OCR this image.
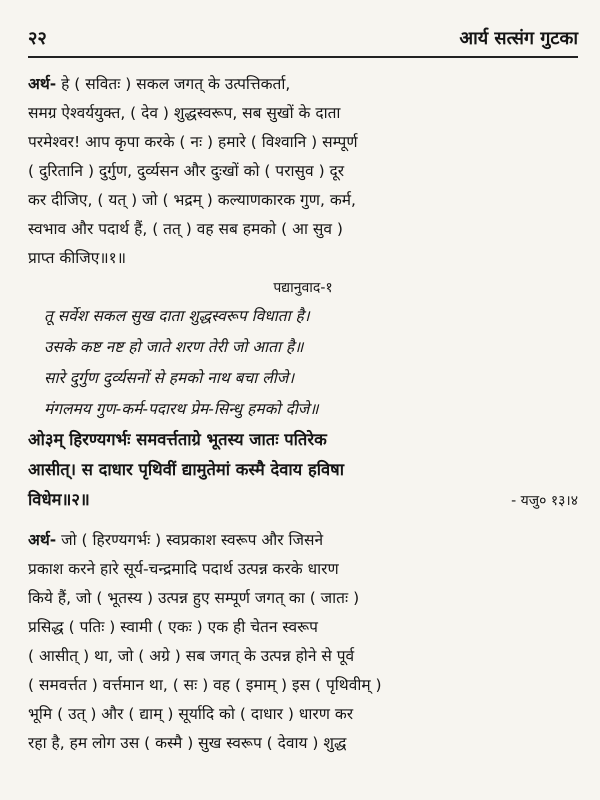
२२	आर्य सत्संग गुटका

अर्थ- हे ( सवितः ) सकल जगत् के उत्पत्तिकर्ता,

समग्र ऐश्वर्ययुक्त, ( देव ) शुद्धस्वरूप, सब सुखों के दाता

परमेश्वर! आप कृपा करके ( नः ) हमारे ( विश्वानि ) सम्पूर्ण

( दुरितानि ) दुर्गुण, दुर्व्यसन और दुःखों को ( परासुव ) दूर

कर दीजिए, ( यत् ) जो ( भद्रम् ) कल्याणकारक गुण, कर्म,

स्वभाव और पदार्थ हैं, ( तत् ) वह सब हमको ( आ सुव )

प्राप्त कीजिए॥१॥

पद्यानुवाद-१

तू सर्वेश सकल सुख दाता शुद्धस्वरूप विधाता है।

उसके कष्ट नष्ट हो जाते शरण तेरी जो आता है॥

सारे दुर्गुण दुर्व्यसनों से हमको नाथ बचा लीजे।

मंगलमय गुण-कर्म-पदारथ प्रेम-सिन्धु हमको दीजे॥

ओ३म् हिरण्यगर्भः समवर्त्तताग्रे भूतस्य जातः पतिरेक

आसीत्। स दाधार पृथिवीं द्यामुतेमां कस्मै देवाय हविषा

विधेम॥२॥	- यजु० १३।४

अर्थ- जो ( हिरण्यगर्भः ) स्वप्रकाश स्वरूप और जिसने

प्रकाश करने हारे सूर्य-चन्द्रमादि पदार्थ उत्पन्न करके धारण

किये हैं, जो ( भूतस्य ) उत्पन्न हुए सम्पूर्ण जगत् का ( जातः )

प्रसिद्ध ( पतिः ) स्वामी ( एकः ) एक ही चेतन स्वरूप

( आसीत् ) था, जो ( अग्रे ) सब जगत् के उत्पन्न होने से पूर्व

( समवर्त्तत ) वर्त्तमान था, ( सः ) वह ( इमाम् ) इस ( पृथिवीम् )

भूमि ( उत् ) और ( द्याम् ) सूर्यादि को ( दाधार ) धारण कर

रहा है, हम लोग उस ( कस्मै ) सुख स्वरूप ( देवाय ) शुद्ध
